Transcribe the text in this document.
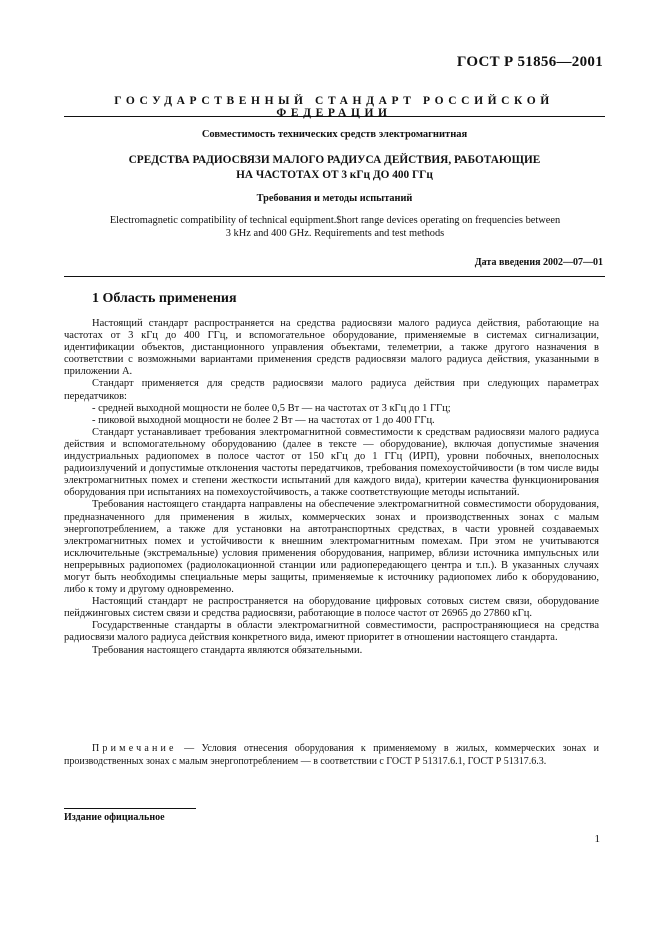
ГОСТ Р 51856—2001
ГОСУДАРСТВЕННЫЙ СТАНДАРТ РОССИЙСКОЙ ФЕДЕРАЦИИ
Совместимость технических средств электромагнитная
СРЕДСТВА РАДИОСВЯЗИ МАЛОГО РАДИУСА ДЕЙСТВИЯ, РАБОТАЮЩИЕ
НА ЧАСТОТАХ ОТ 3 кГц ДО 400 ГГц
Требования и методы испытаний
Electromagnetic compatibility of technical equipment.$hort range devices operating on frequencies between
3 kHz and 400 GHz. Requirements and test methods
Дата введения 2002—07—01
1 Область применения

Настоящий стандарт распространяется на средства радиосвязи малого радиуса действия, работающие на частотах от 3 кГц до 400 ГГц, и вспомогательное оборудование, применяемые в системах сигнализации, идентификации объектов, дистанционного управления объектами, телеметрии, а также другого назначения в соответствии с возможными вариантами применения средств радиосвязи малого радиуса действия, указанными в приложении А.

Стандарт применяется для средств радиосвязи малого радиуса действия при следующих параметрах передатчиков:

- средней выходной мощности не более 0,5 Вт — на частотах от 3 кГц до 1 ГГц;

- пиковой выходной мощности не более 2 Вт — на частотах от 1 до 400 ГГц.

Стандарт устанавливает требования электромагнитной совместимости к средствам радиосвязи малого радиуса действия и вспомогательному оборудованию (далее в тексте — оборудование), включая допустимые значения индустриальных радиопомех в полосе частот от 150 кГц до 1 ГГц (ИРП), уровни побочных, внеполосных радиоизлучений и допустимые отклонения частоты передатчиков, требования помехоустойчивости (в том числе виды электромагнитных помех и степени жесткости испытаний для каждого вида), критерии качества функционирования оборудования при испытаниях на помехоустойчивость, а также соответствующие методы испытаний.

Требования настоящего стандарта направлены на обеспечение электромагнитной совместимости оборудования, предназначенного для применения в жилых, коммерческих зонах и производственных зонах с малым энергопотреблением, а также для установки на автотранспортных средствах, в части уровней создаваемых электромагнитных помех и устойчивости к внешним электромагнитным помехам. При этом не учитываются исключительные (экстремальные) условия применения оборудования, например, вблизи источника импульсных или непрерывных радиопомех (радиолокационной станции или радиопередающего центра и т.п.). В указанных случаях могут быть необходимы специальные меры защиты, применяемые к источнику радиопомех либо к оборудованию, либо к тому и другому одновременно.

Настоящий стандарт не распространяется на оборудование цифровых сотовых систем связи, оборудование пейджинговых систем связи и средства радиосвязи, работающие в полосе частот от 26965 до 27860 кГц.

Государственные стандарты в области электромагнитной совместимости, распространяющиеся на средства радиосвязи малого радиуса действия конкретного вида, имеют приоритет в отношении настоящего стандарта.

Требования настоящего стандарта являются обязательными.

Примечание — Условия отнесения оборудования к применяемому в жилых, коммерческих зонах и производственных зонах с малым энергопотреблением — в соответствии с ГОСТ Р 51317.6.1, ГОСТ Р 51317.6.3.
Издание официальное
1
